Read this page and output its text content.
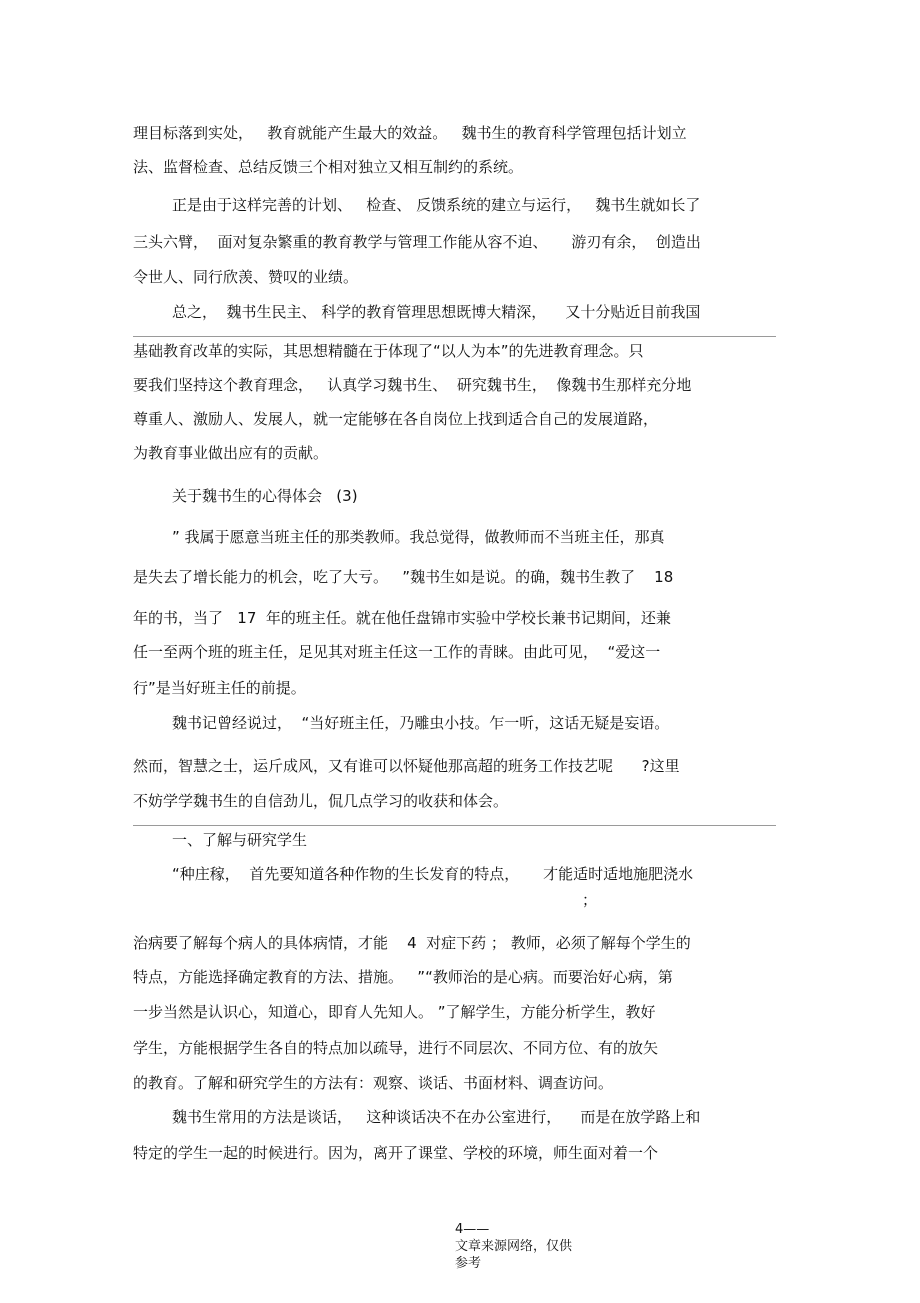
理目标落到实处，   教育就能产生最大的效益。   魏书生的教育科学管理包括计划立
法、监督检查、总结反馈三个相对独立又相互制约的系统。
正是由于这样完善的计划、   检查、 反馈系统的建立与运行，   魏书生就如长了
三头六臂，  面对复杂繁重的教育教学与管理工作能从容不迫、     游刃有余，  创造出
令世人、同行欣羡、赞叹的业绩。
总之，  魏书生民主、 科学的教育管理思想既博大精深，    又十分贴近目前我国
基础教育改革的实际，其思想精髓在于体现了“以人为本”的先进教育理念。只
要我们坚持这个教育理念，   认真学习魏书生、  研究魏书生，  像魏书生那样充分地
尊重人、激励人、发展人，就一定能够在各自岗位上找到适合自己的发展道路，
为教育事业做出应有的贡献。
关于魏书生的心得体会   (3)
” 我属于愿意当班主任的那类教师。我总觉得，做教师而不当班主任，那真
是失去了增长能力的机会，吃了大亏。   ”魏书生如是说。的确，魏书生教了    18
年的书，当了   17  年的班主任。就在他任盘锦市实验中学校长兼书记期间，还兼
任一至两个班的班主任，足见其对班主任这一工作的青睐。由此可见，  “爱这一
行”是当好班主任的前提。
魏书记曾经说过，  “当好班主任，乃雕虫小技。乍一听，这话无疑是妄语。
然而，智慧之士，运斤成风，又有谁可以怀疑他那高超的班务工作技艺呢      ?这里
不妨学学魏书生的自信劲儿，侃几点学习的收获和体会。
一、了解与研究学生
“种庄稼，  首先要知道各种作物的生长发育的特点，     才能适时适地施肥浇水
；
治病要了解每个病人的具体病情，才能    4  对症下药 ； 教师，必须了解每个学生的
特点，方能选择确定教育的方法、措施。   ”“教师治的是心病。而要治好心病，第
一步当然是认识心，知道心，即育人先知人。 ”了解学生，方能分析学生，教好
学生，方能根据学生各自的特点加以疏导，进行不同层次、不同方位、有的放矢
的教育。了解和研究学生的方法有：观察、谈话、书面材料、调查访问。
魏书生常用的方法是谈话，   这种谈话决不在办公室进行，    而是在放学路上和
特定的学生一起的时候进行。因为，离开了课堂、学校的环境，师生面对着一个
4——
文章来源网络，仅供
参考
